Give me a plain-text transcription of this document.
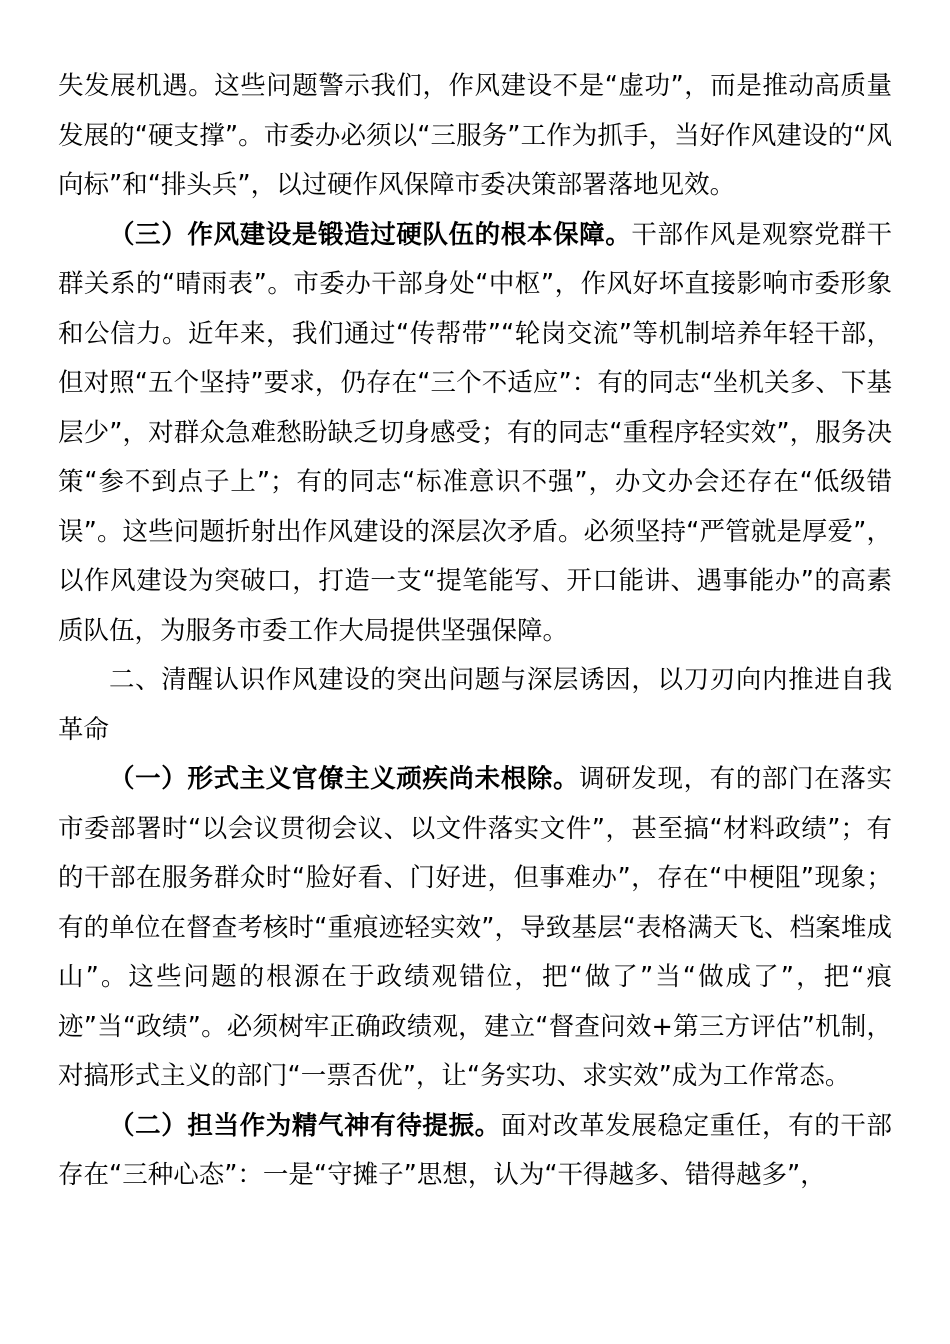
失发展机遇。这些问题警示我们，作风建设不是“虚功”，而是推动高质量发展的“硬支撑”。市委办必须以“三服务”工作为抓手，当好作风建设的“风向标”和“排头兵”，以过硬作风保障市委决策部署落地见效。

（三）作风建设是锻造过硬队伍的根本保障。干部作风是观察党群干群关系的“晴雨表”。市委办干部身处“中枢”，作风好坏直接影响市委形象和公信力。近年来，我们通过“传帮带”“轮岗交流”等机制培养年轻干部，但对照“五个坚持”要求，仍存在“三个不适应”：有的同志“坐机关多、下基层少”，对群众急难愁盼缺乏切身感受；有的同志“重程序轻实效”，服务决策“参不到点子上”；有的同志“标准意识不强”，办文办会还存在“低级错误”。这些问题折射出作风建设的深层次矛盾。必须坚持“严管就是厚爱”，以作风建设为突破口，打造一支“提笔能写、开口能讲、遇事能办”的高素质队伍，为服务市委工作大局提供坚强保障。

二、清醒认识作风建设的突出问题与深层诱因，以刀刃向内推进自我革命

（一）形式主义官僚主义顽疾尚未根除。调研发现，有的部门在落实市委部署时“以会议贯彻会议、以文件落实文件”，甚至搞“材料政绩”；有的干部在服务群众时“脸好看、门好进，但事难办”，存在“中梗阻”现象；有的单位在督查考核时“重痕迹轻实效”，导致基层“表格满天飞、档案堆成山”。这些问题的根源在于政绩观错位，把“做了”当“做成了”，把“痕迹”当“政绩”。必须树牢正确政绩观，建立“督查问效+第三方评估”机制，对搞形式主义的部门“一票否优”，让“务实功、求实效”成为工作常态。

（二）担当作为精气神有待提振。面对改革发展稳定重任，有的干部存在“三种心态”：一是“守摊子”思想，认为“干得越多、错得越多”，
